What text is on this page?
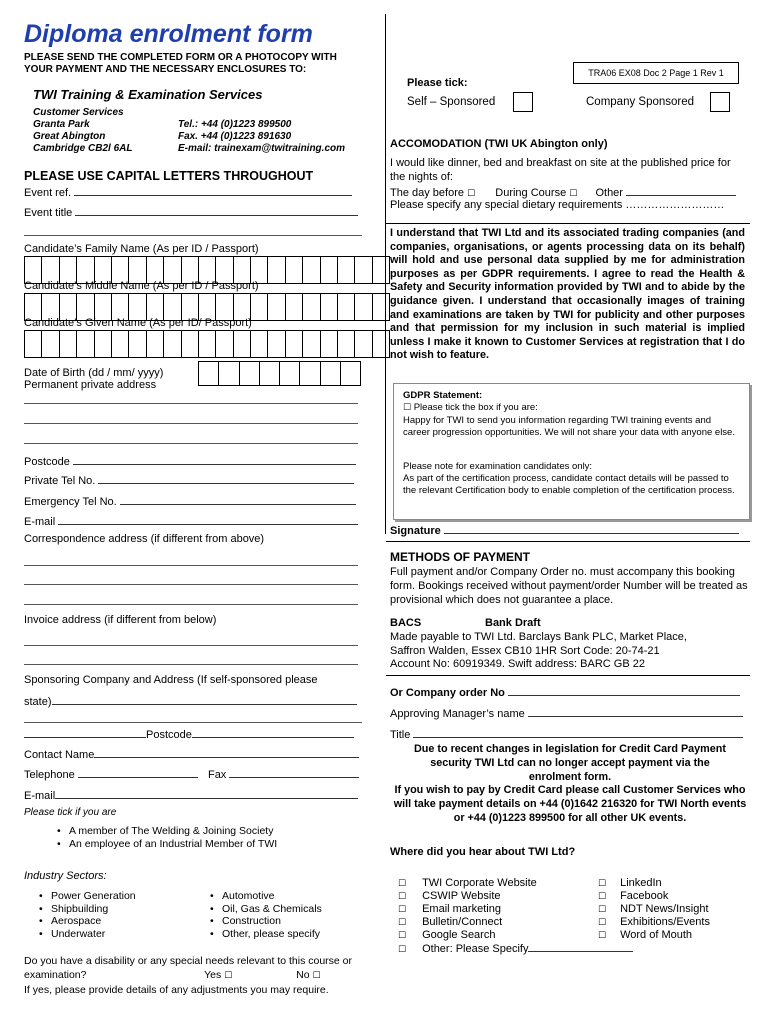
Diploma enrolment form
PLEASE SEND THE COMPLETED FORM OR A PHOTOCOPY WITH
YOUR PAYMENT AND THE NECESSARY ENCLOSURES TO:
TWI Training & Examination Services
Customer Services
Granta Park
Great Abington
Cambridge CB2l 6AL
Tel.: +44 (0)1223 899500
Fax. +44 (0)1223 891630
E-mail: trainexam@twitraining.com
PLEASE USE CAPITAL LETTERS THROUGHOUT
Event ref.
Event title
Candidate’s Family Name (As per ID / Passport)
Candidate’s Middle Name (As per ID / Passport)
Candidate’s Given Name (As per ID/ Passport)
Date of Birth (dd / mm/ yyyy)
Permanent private address
Postcode
Private Tel No.
Emergency Tel No.
E-mail
Correspondence address (if different from above)
Invoice address (if different from below)
Sponsoring Company and Address (If self-sponsored please
state)
Postcode
Contact Name
Telephone	Fax
E-mail
Please tick if you are
• A member of The Welding & Joining Society
• An employee of an Industrial Member of TWI
Industry Sectors:
• Power Generation
• Shipbuilding
• Aerospace
• Underwater
• Automotive
• Oil, Gas & Chemicals
• Construction
• Other, please specify
Do you have a disability or any special needs relevant to this course or
examination?	Yes ☐	No ☐
If yes, please provide details of any adjustments you may require.
TRA06 EX08 Doc 2 Page 1 Rev 1
Please tick:
Self – Sponsored	Company Sponsored
ACCOMODATION (TWI UK Abington only)
I would like dinner, bed and breakfast on site at the published price for
the nights of:
The day before ☐ During Course ☐ Other
Please specify any special dietary requirements ………………………
I understand that TWI Ltd and its associated trading companies (and companies, organisations, or agents processing data on its behalf) will hold and use personal data supplied by me for administration purposes as per GDPR requirements. I agree to read the Health & Safety and Security information provided by TWI and to abide by the guidance given. I understand that occasionally images of training and examinations are taken by TWI for publicity and other purposes and that permission for my inclusion in such material is implied unless I make it known to Customer Services at registration that I do not wish to feature.
GDPR Statement:
☐ Please tick the box if you are:
Happy for TWI to send you information regarding TWI training events and career progression opportunities. We will not share your data with anyone else.
Please note for examination candidates only:
As part of the certification process, candidate contact details will be passed to the relevant Certification body to enable completion of the certification process.
Signature
METHODS OF PAYMENT
Full payment and/or Company Order no. must accompany this booking form. Bookings received without payment/order Number will be treated as provisional which does not guarantee a place.
BACS	Bank Draft
Made payable to TWI Ltd. Barclays Bank PLC, Market Place,
Saffron Walden, Essex CB10 1HR Sort Code: 20-74-21
Account No: 60919349. Swift address: BARC GB 22
Or Company order No
Approving Manager’s name
Title
Due to recent changes in legislation for Credit Card Payment security TWI Ltd can no longer accept payment via the enrolment form.
If you wish to pay by Credit Card please call Customer Services who will take payment details on +44 (0)1642 216320 for TWI North events or +44 (0)1223 899500 for all other UK events.
Where did you hear about TWI Ltd?
☐ TWI Corporate Website
☐ CSWIP Website
☐ Email marketing
☐ Bulletin/Connect
☐ Google Search
☐ Other: Please Specify
☐ LinkedIn
☐ Facebook
☐ NDT News/Insight
☐ Exhibitions/Events
☐ Word of Mouth
